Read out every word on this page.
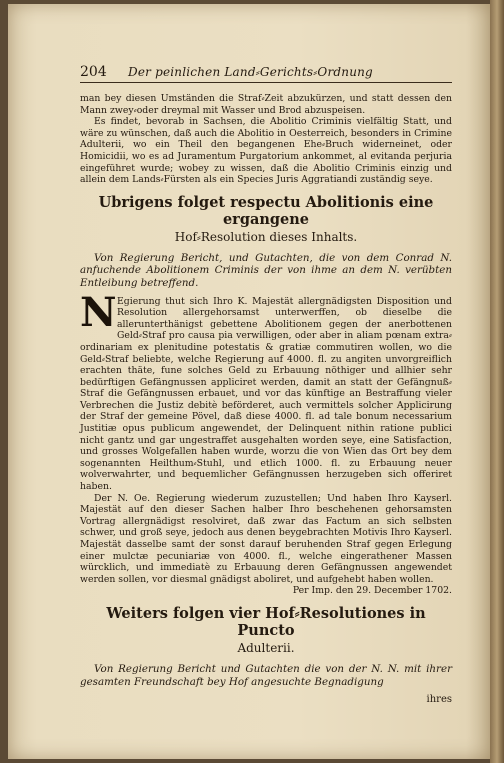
204	Der peinlichen Land⸗Gerichts⸗Ordnung

man bey diesen Umständen die Straf⸗Zeit abzukürzen, und statt dessen den Mann zwey⸗oder dreymal mit Wasser und Brod abzuspeisen.

Es findet, bevorab in Sachsen, die Abolitio Criminis vielfältig Statt, und wäre zu wünschen, daß auch die Abolitio in Oesterreich, besonders in Crimine Adulterii, wo ein Theil den begangenen Ehe⸗Bruch widerneinet, oder Homicidii, wo es ad Juramentum Purgatorium ankommet, al evitanda perjuria eingeführet wurde; wobey zu wissen, daß die Abolitio Criminis einzig und allein dem Lands⸗Fürsten als ein Species Juris Aggratiandi zuständig seye.

Ubrigens folget respectu Abolitionis eine ergangene
Hof⸗Resolution dieses Inhalts.
Von Regierung Bericht, und Gutachten, die von dem Conrad N. anfuchende Abolitionem Criminis der von ihme an dem N. verübten Entleibung betreffend.
N Egierung thut sich Ihro K. Majestät allergnädigsten Disposition und Resolution allergehorsamst unterwerffen, ob dieselbe die allerunterthänigst gebettene Abolitionem gegen der anerbottenen Geld⸗Straf pro causa pia verwilligen, oder aber in aliam pœnam extra⸗ordinariam ex plenitudine potestatis & gratiæ commutiren wollen, wo die Geld⸗Straf beliebte, welche Regierung auf 4000. fl. zu angiten unvorgreiflich erachten thäte, fune solches Geld zu Erbauung nöthiger und allhier sehr bedürftigen Gefängnussen appliciret werden, damit an statt der Gefängnuß⸗Straf die Gefängnussen erbauet, und vor das künftige an Bestraffung vieler Verbrechen die Justiz debitè beförderet, auch vermittels solcher Applicirung der Straf der gemeine Pövel, daß diese 4000. fl. ad tale bonum necessarium Justitiæ opus publicum angewendet, der Delinquent nithin ratione publici nicht gantz und gar ungestraffet ausgehalten worden seye, eine Satisfaction, und grosses Wolgefallen haben wurde, worzu die von Wien das Ort bey dem sogenannten Heilthum⸗Stuhl, und etlich 1000. fl. zu Erbauung neuer wolverwahrter, und bequemlicher Gefängnussen herzugeben sich offeriret haben.

Der N. Oe. Regierung wiederum zuzustellen; Und haben Ihro Kayserl. Majestät auf den dieser Sachen halber Ihro beschehenen gehorsamsten Vortrag allergnädigst resolviret, daß zwar das Factum an sich selbsten schwer, und groß seye, jedoch aus denen beygebrachten Motivis Ihro Kayserl. Majestät dasselbe samt der sonst darauf beruhenden Straf gegen Erlegung einer mulctæ pecuniariæ von 4000. fl., welche eingerathener Massen würcklich, und immediatè zu Erbauung deren Gefängnussen angewendet werden sollen, vor diesmal gnädigst aboliret, und aufgehebt haben wollen.

Per Imp. den 29. December 1702.

Weiters folgen vier Hof⸗Resolutiones in Puncto
Adulterii.
Von Regierung Bericht und Gutachten die von der N. N. mit ihrer gesamten Freundschaft bey Hof angesuchte Begnadigung
ihres
